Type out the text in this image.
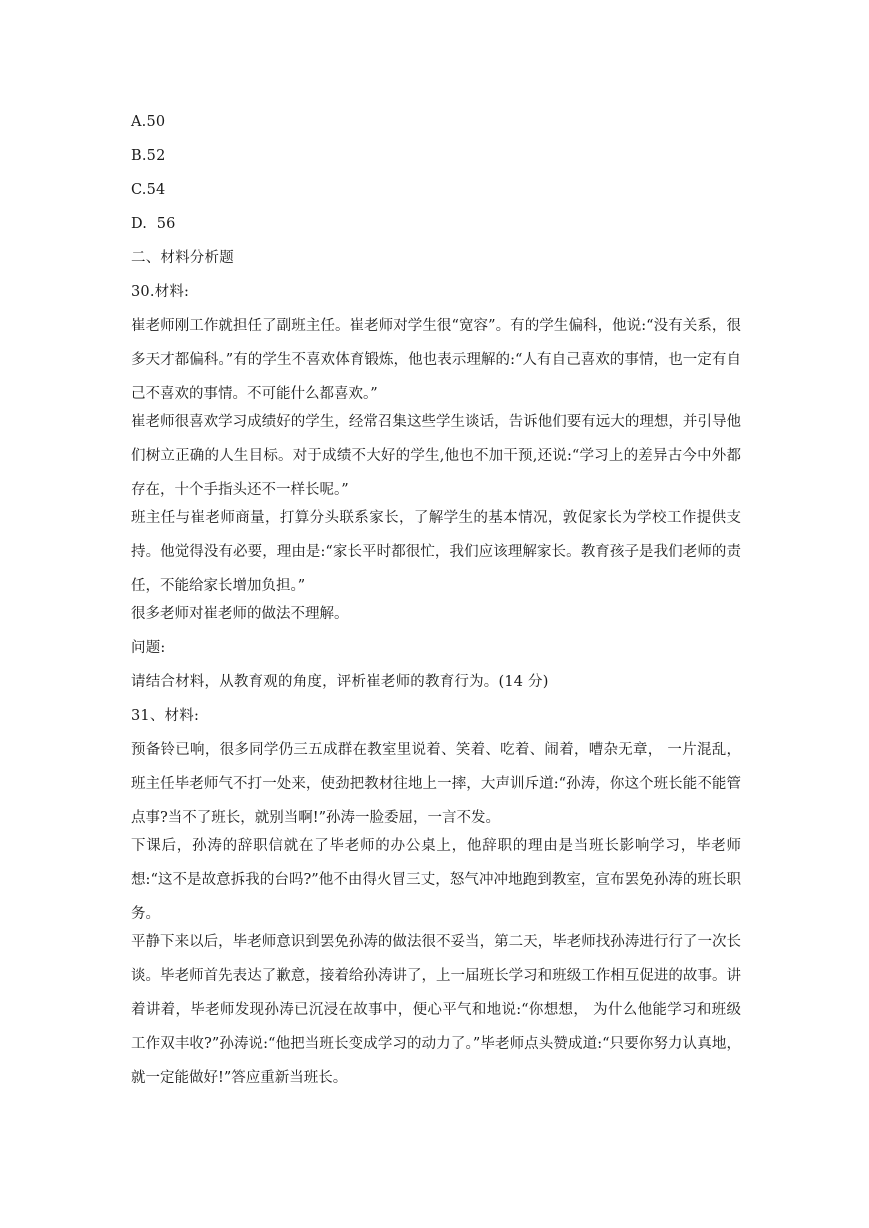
A.50
B.52
C.54
D.  56
二、材料分析题
30.材料:

崔老师刚工作就担任了副班主任。崔老师对学生很“宽容”。有的学生偏科，他说:“没有关系，很多天才都偏科。”有的学生不喜欢体育锻炼，他也表示理解的:“人有自己喜欢的事情，也一定有自己不喜欢的事情。不可能什么都喜欢。”

崔老师很喜欢学习成绩好的学生，经常召集这些学生谈话，告诉他们要有远大的理想，并引导他们树立正确的人生目标。对于成绩不大好的学生,他也不加干预,还说:“学习上的差异古今中外都存在，十个手指头还不一样长呢。”

班主任与崔老师商量，打算分头联系家长，了解学生的基本情况，敦促家长为学校工作提供支持。他觉得没有必要，理由是:“家长平时都很忙，我们应该理解家长。教育孩子是我们老师的责任，不能给家长增加负担。”

很多老师对崔老师的做法不理解。

问题:
请结合材料，从教育观的角度，评析崔老师的教育行为。(14 分)
31、材料:

预备铃已响，很多同学仍三五成群在教室里说着、笑着、吃着、闹着，嘈杂无章， 一片混乱，班主任毕老师气不打一处来，使劲把教材往地上一摔，大声训斥道:“孙涛，你这个班长能不能管点事?当不了班长，就别当啊!”孙涛一脸委屈，一言不发。

下课后，孙涛的辞职信就在了毕老师的办公桌上，他辞职的理由是当班长影响学习，毕老师想:“这不是故意拆我的台吗?”他不由得火冒三丈，怒气冲冲地跑到教室，宣布罢免孙涛的班长职务。

平静下来以后，毕老师意识到罢免孙涛的做法很不妥当，第二天，毕老师找孙涛进行行了一次长谈。毕老师首先表达了歉意，接着给孙涛讲了，上一届班长学习和班级工作相互促进的故事。讲着讲着，毕老师发现孙涛已沉浸在故事中，便心平气和地说:“你想想， 为什么他能学习和班级工作双丰收?”孙涛说:“他把当班长变成学习的动力了。”毕老师点头赞成道:“只要你努力认真地，就一定能做好!”答应重新当班长。
